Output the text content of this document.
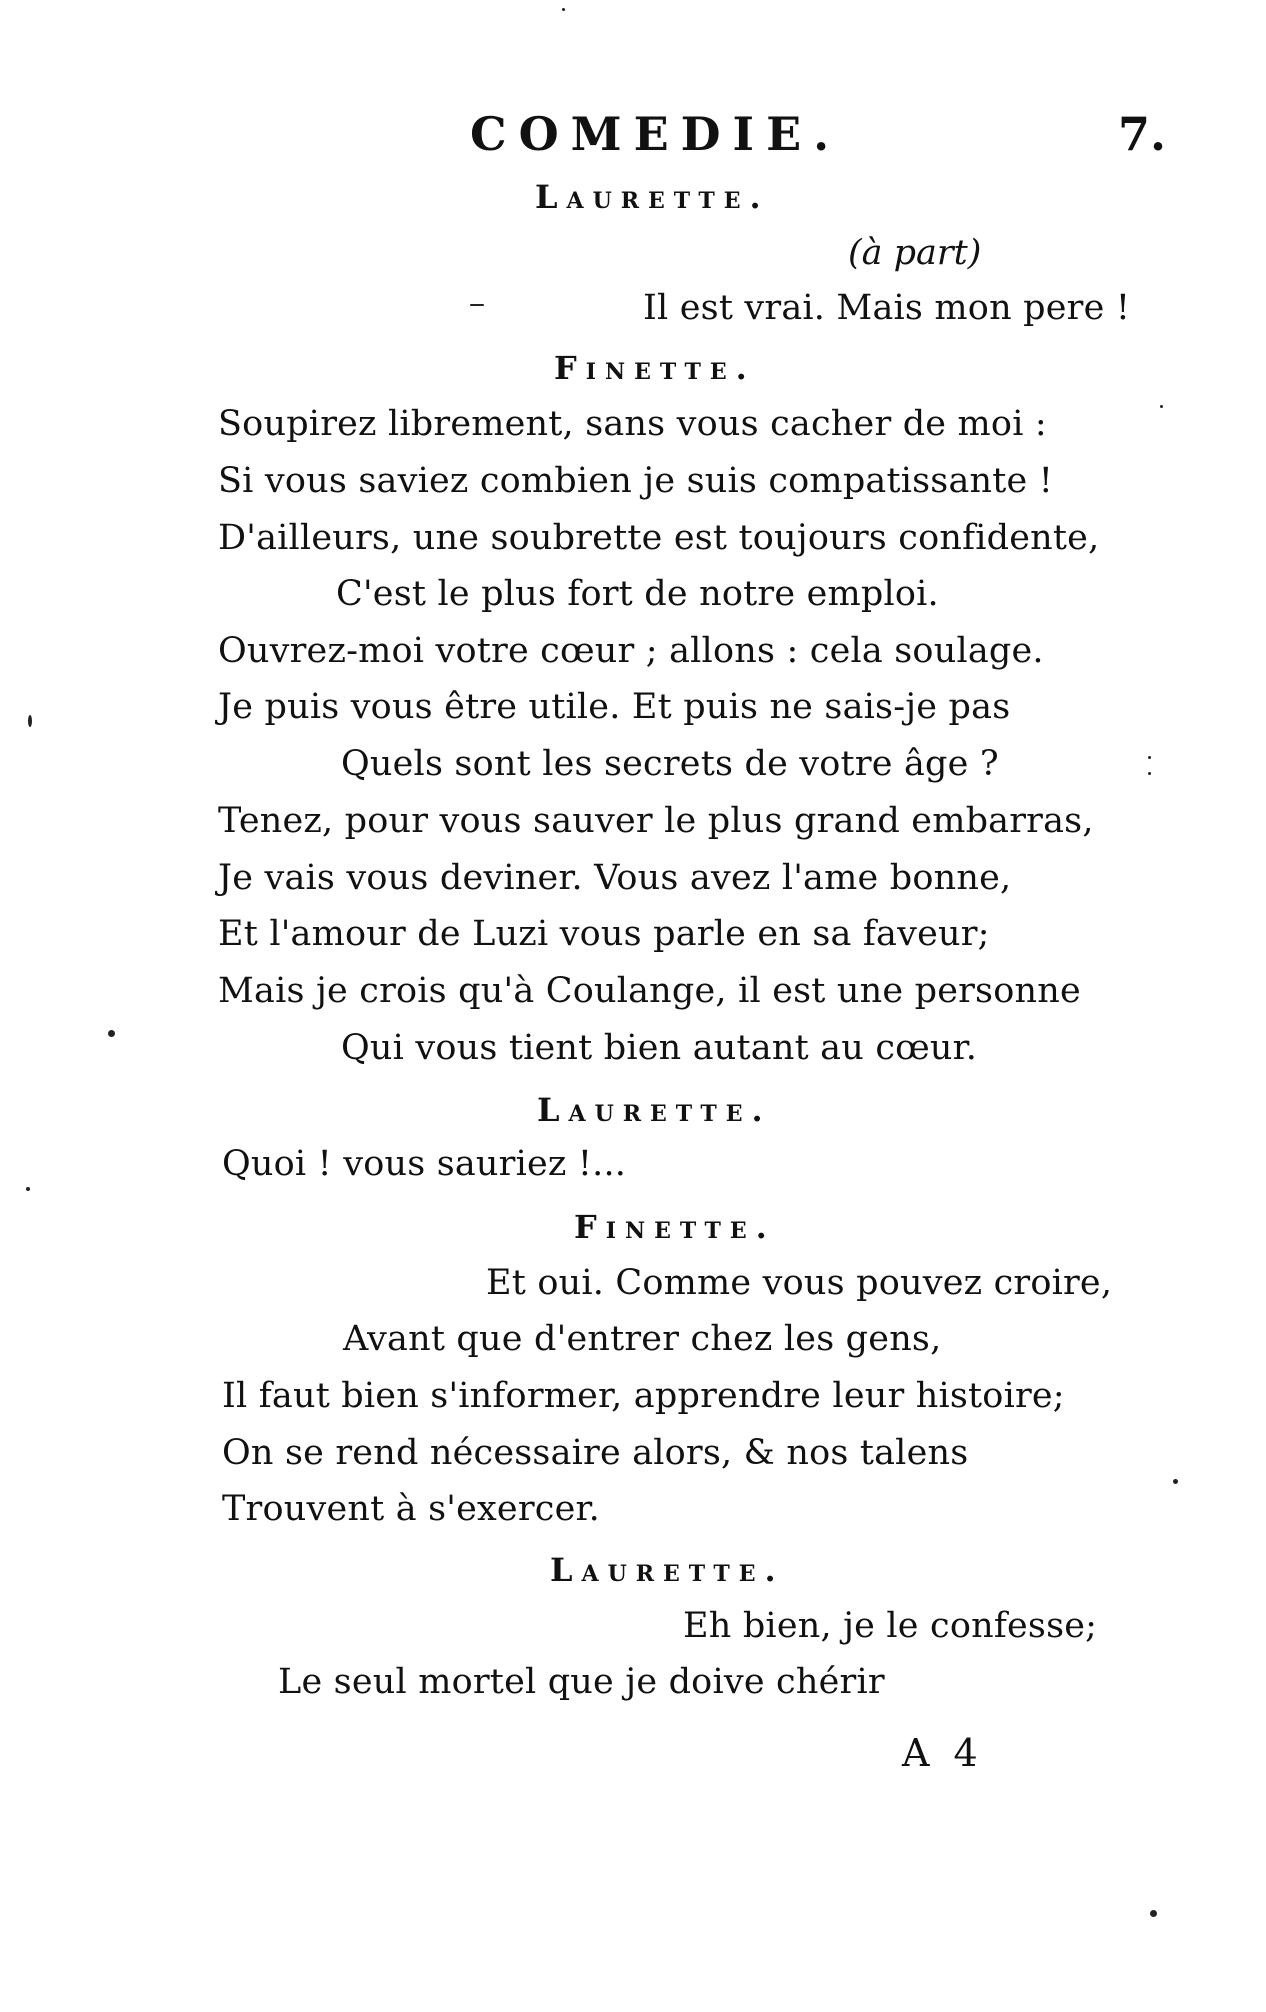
COMEDIE.	7.
Laurette.
(à part)
Il est vrai. Mais mon pere !
Finette.
Soupirez librement, sans vous cacher de moi :
Si vous saviez combien je suis compatissante !
D'ailleurs, une soubrette est toujours confidente,
C'est le plus fort de notre emploi.
Ouvrez-moi votre cœur ; allons : cela soulage.
Je puis vous être utile. Et puis ne sais-je pas
Quels sont les secrets de votre âge ?
Tenez, pour vous sauver le plus grand embarras,
Je vais vous deviner. Vous avez l'ame bonne,
Et l'amour de Luzi vous parle en sa faveur;
Mais je crois qu'à Coulange, il est une personne
Qui vous tient bien autant au cœur.
Laurette.
Quoi ! vous sauriez !...
Finette.
Et oui. Comme vous pouvez croire,
Avant que d'entrer chez les gens,
Il faut bien s'informer, apprendre leur histoire;
On se rend nécessaire alors, & nos talens
Trouvent à s'exercer.
Laurette.
Eh bien, je le confesse;
Le seul mortel que je doive chérir
A 4
